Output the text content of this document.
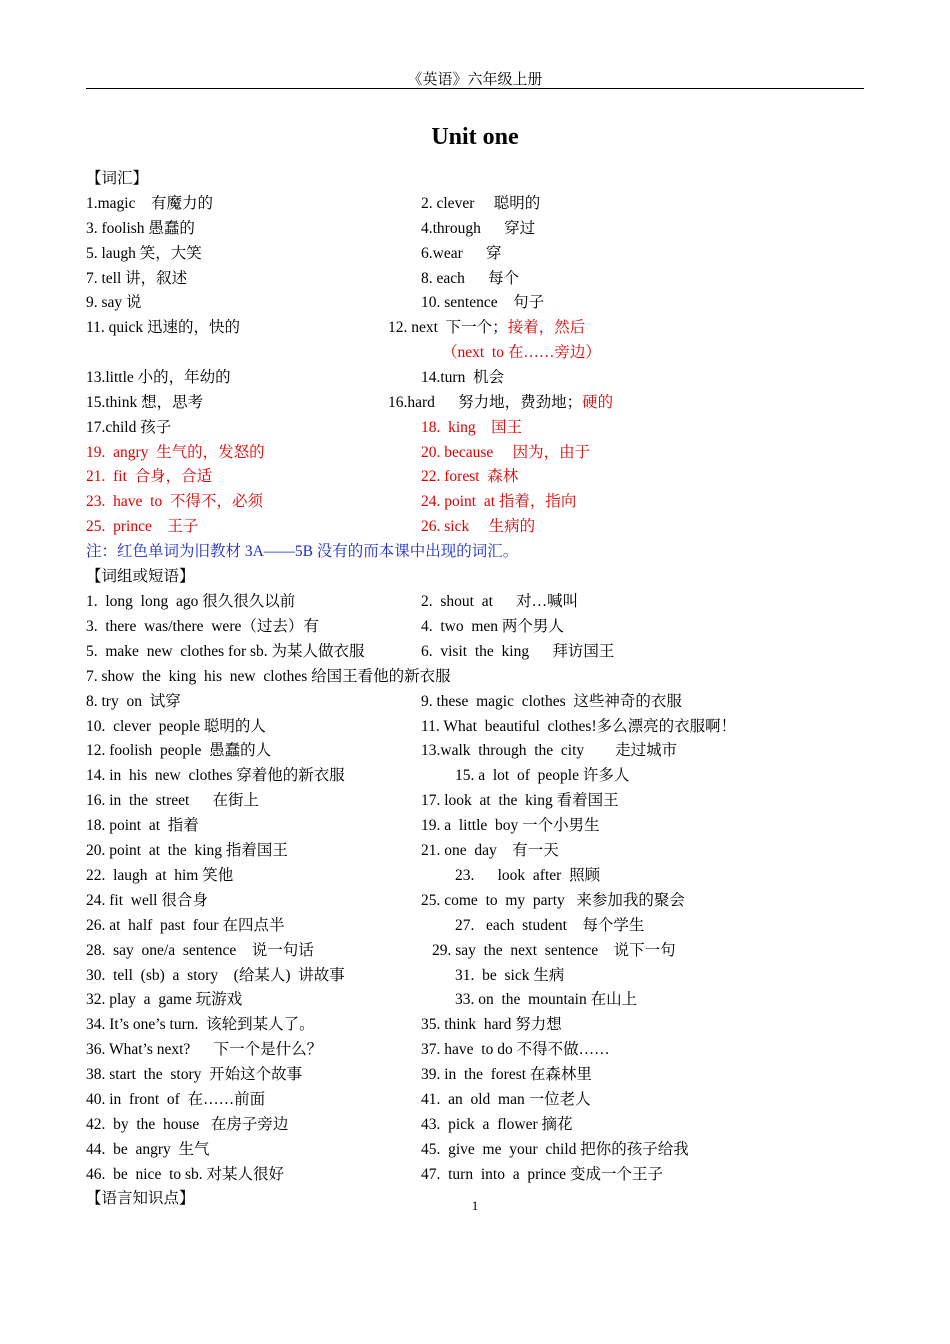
《英语》六年级上册
Unit one
【词汇】
1.magic    有魔力的	2. clever     聪明的
3. foolish 愚蠢的	4.through      穿过
5. laugh 笑，大笑	6.wear      穿
7. tell 讲，叙述	8. each      每个
9. say 说	10. sentence    句子
11. quick 迅速的，快的	12. next  下一个；接着，然后
（next  to 在……旁边）
13.little 小的，年幼的	14.turn  机会
15.think 想，思考	16.hard      努力地，费劲地；硬的
17.child 孩子	18.  king    国王
19.  angry  生气的，发怒的	20. because     因为，由于
21.  fit  合身，合适	22. forest  森林
23.  have  to  不得不，必须	24. point  at 指着，指向
25.  prince    王子	26. sick     生病的
注：红色单词为旧教材 3A——5B 没有的而本课中出现的词汇。
【词组或短语】
1.  long  long  ago 很久很久以前	2.  shout  at      对…喊叫
3.  there  was/there  were（过去）有	4.  two  men 两个男人
5.  make  new  clothes for sb. 为某人做衣服	6.  visit  the  king      拜访国王
7. show  the  king  his  new  clothes 给国王看他的新衣服
8. try  on  试穿	9. these  magic  clothes  这些神奇的衣服
10.  clever  people 聪明的人	11. What  beautiful  clothes!多么漂亮的衣服啊！
12. foolish  people  愚蠢的人	13.walk  through  the  city        走过城市
14. in  his  new  clothes 穿着他的新衣服	15. a  lot  of  people 许多人
16. in  the  street      在街上	17. look  at  the  king 看着国王
18. point  at  指着	19. a  little  boy 一个小男生
20. point  at  the  king 指着国王	21. one  day    有一天
22.  laugh  at  him 笑他	23.      look  after  照顾
24. fit  well 很合身	25. come  to  my  party   来参加我的聚会
26. at  half  past  four 在四点半	27.   each  student    每个学生
28.  say  one/a  sentence    说一句话	29. say  the  next  sentence    说下一句
30.  tell  (sb)  a  story    (给某人)  讲故事	31.  be  sick 生病
32. play  a  game 玩游戏	33. on  the  mountain 在山上
34. It’s one’s turn.  该轮到某人了。	35. think  hard 努力想
36. What’s next?      下一个是什么？	37. have  to do 不得不做……
38. start  the  story  开始这个故事	39. in  the  forest 在森林里
40. in  front  of  在……前面	41.  an  old  man 一位老人
42.  by  the  house   在房子旁边	43.  pick  a  flower 摘花
44.  be  angry  生气	45.  give  me  your  child 把你的孩子给我
46.  be  nice  to sb. 对某人很好	47.  turn  into  a  prince 变成一个王子
【语言知识点】	1
